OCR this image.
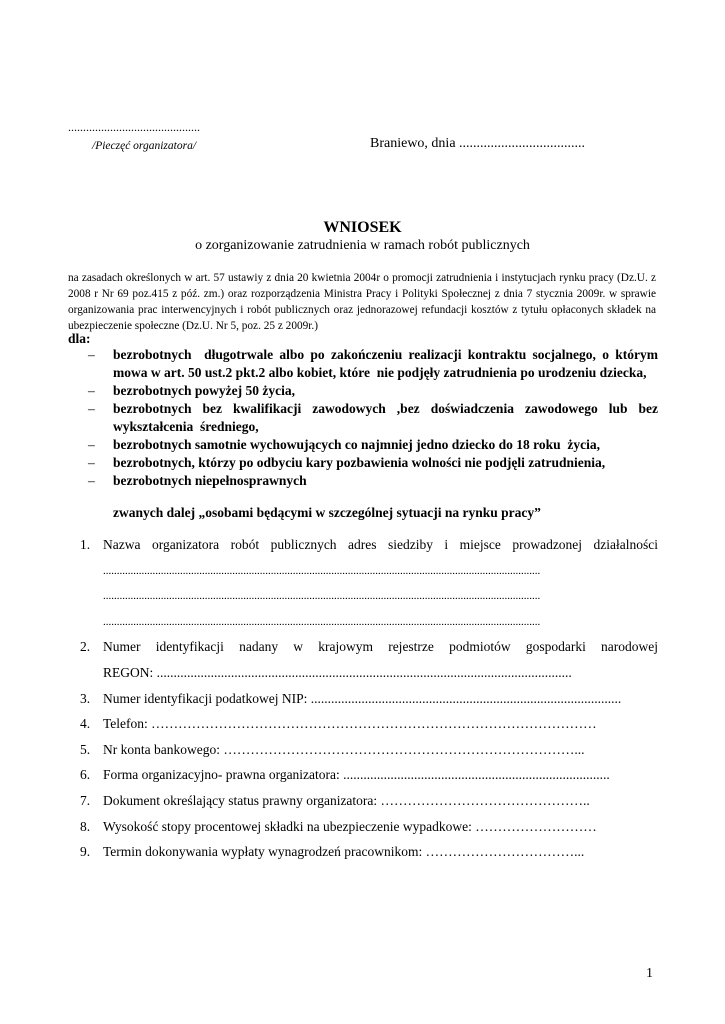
............................................
/Pieczęć organizatora/	Braniewo, dnia ....................................
WNIOSEK
o zorganizowanie zatrudnienia w ramach robót publicznych
na zasadach określonych w art. 57 ustawiy z dnia 20 kwietnia 2004r o promocji zatrudnienia i instytucjach rynku pracy (Dz.U. z 2008 r Nr 69 poz.415 z póź. zm.) oraz rozporządzenia Ministra Pracy i Polityki Społecznej z dnia 7 stycznia 2009r. w sprawie organizowania prac interwencyjnych i robót publicznych oraz jednorazowej refundacji kosztów z tytułu opłaconych składek na ubezpieczenie społeczne (Dz.U. Nr 5, poz. 25 z 2009r.)
dla:
– bezrobotnych  długotrwale albo po zakończeniu realizacji kontraktu socjalnego, o którym mowa w art. 50 ust.2 pkt.2 albo kobiet, które  nie podjęły zatrudnienia po urodzeniu dziecka,
– bezrobotnych powyżej 50 życia,
– bezrobotnych bez kwalifikacji zawodowych ,bez doświadczenia zawodowego lub bez wykształcenia  średniego,
– bezrobotnych samotnie wychowujących co najmniej jedno dziecko do 18 roku  życia,
– bezrobotnych, którzy po odbyciu kary pozbawienia wolności nie podjęli zatrudnienia,
– bezrobotnych niepełnosprawnych
zwanych dalej „osobami będącymi w szczególnej sytuacji na rynku pracy”
1. Nazwa organizatora robót publicznych adres siedziby i miejsce prowadzonej działalności
...............................................................................................................................................................
...............................................................................................................................................................
...............................................................................................................................................................
2. Numer identyfikacji nadany w krajowym rejestrze podmiotów gospodarki narodowej
REGON: ...........................................................................................................................
3. Numer identyfikacji podatkowej NIP: ............................................................................................
4. Telefon: ………………………………………………………………………………………
5. Nr konta bankowego: ……………………………………………………………………...
6. Forma organizacyjno- prawna organizatora: ...............................................................................
7. Dokument określający status prawny organizatora: ………………………………………..
8. Wysokość stopy procentowej składki na ubezpieczenie wypadkowe: ………………………
9. Termin dokonywania wypłaty wynagrodzeń pracownikom: ……………………………...
1
